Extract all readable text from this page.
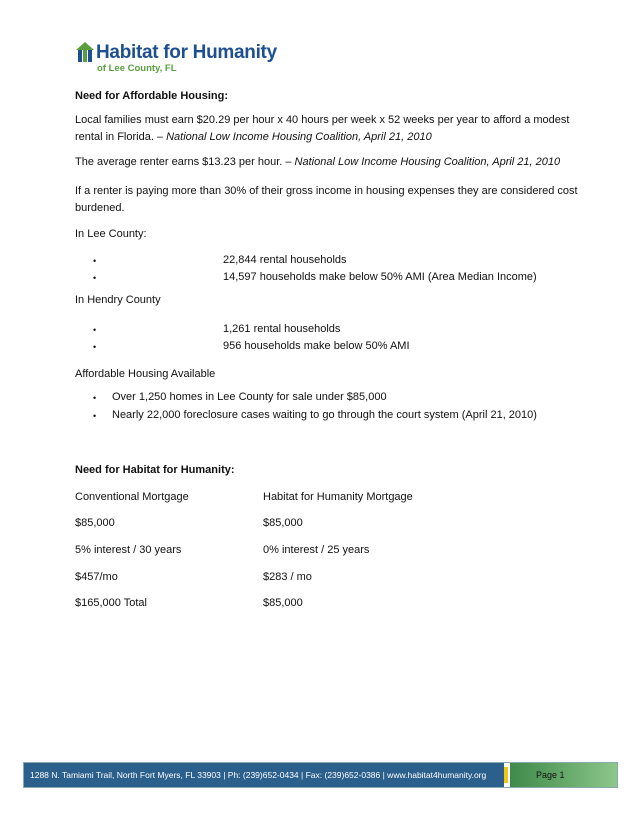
Habitat for Humanity
of Lee County, FL
Need for Affordable Housing:
Local families must earn $20.29 per hour x 40 hours per week x 52 weeks per year to afford a modest
rental in Florida. – National Low Income Housing Coalition, April 21, 2010
The average renter earns $13.23 per hour. – National Low Income Housing Coalition, April 21, 2010
If a renter is paying more than 30% of their gross income in housing expenses they are considered cost
burdened.
In Lee County:
•	22,844 rental households
•	14,597 households make below 50% AMI (Area Median Income)
In Hendry County
•	1,261 rental households
•	956 households make below 50% AMI
Affordable Housing Available
• Over 1,250 homes in Lee County for sale under $85,000
• Nearly 22,000 foreclosure cases waiting to go through the court system (April 21, 2010)
Need for Habitat for Humanity:
Conventional Mortgage	Habitat for Humanity Mortgage
$85,000	$85,000
5% interest / 30 years	0% interest / 25 years
$457/mo	$283 / mo
$165,000 Total	$85,000
1288 N. Tamiami Trail, North Fort Myers, FL 33903 | Ph: (239)652-0434 | Fax: (239)652-0386 | www.habitat4humanity.org	Page 1
